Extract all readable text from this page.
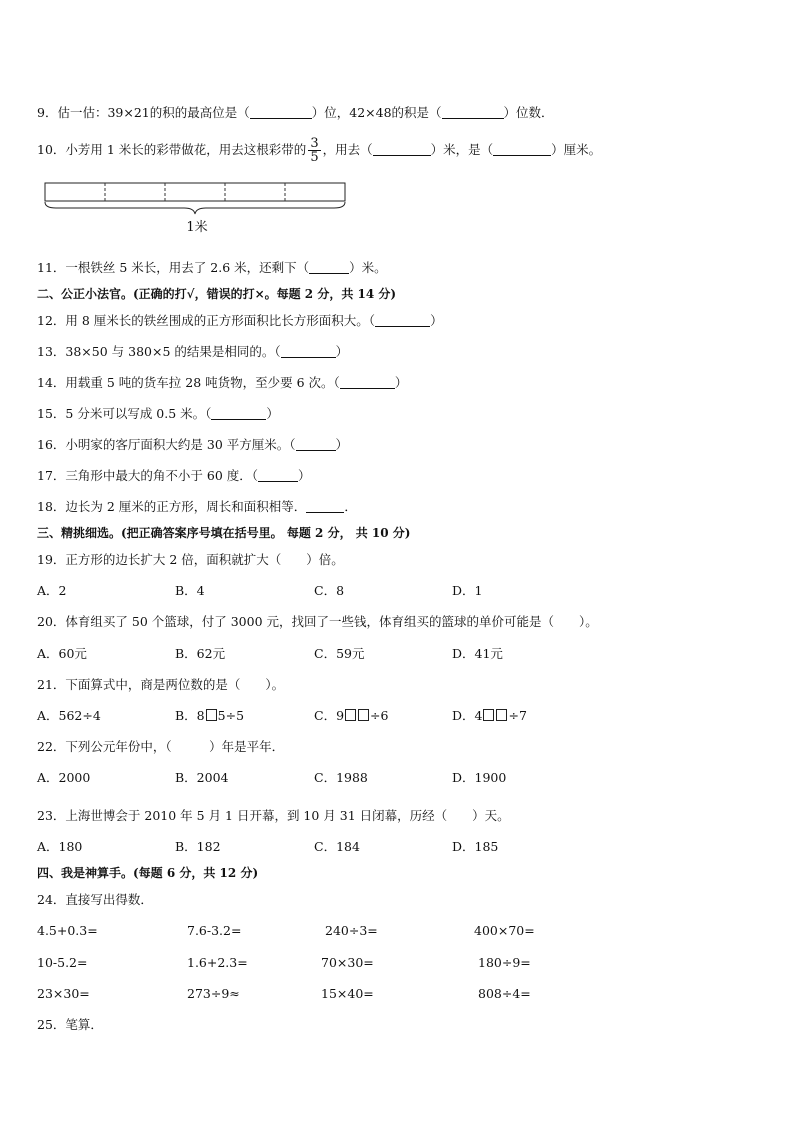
9．估一估：39×21的积的最高位是（	）位，42×48的积是（	）位数．
10．小芳用 1 米长的彩带做花，用去这根彩带的 $\frac{3}{5}$ ，用去（	）米，是（	）厘米。
1米
11．一根铁丝 5 米长，用去了 2.6 米，还剩下（	）米。
二、公正小法官。(正确的打√，错误的打×。每题 2 分，共 14 分)
12．用 8 厘米长的铁丝围成的正方形面积比长方形面积大。（	）
13．38×50 与 380×5 的结果是相同的。（	）
14．用载重 5 吨的货车拉 28 吨货物，至少要 6 次。（	）
15．5 分米可以写成 0.5 米。（	）
16．小明家的客厅面积大约是 30 平方厘米。（	）
17．三角形中最大的角不小于 60 度．（	）
18．边长为 2 厘米的正方形，周长和面积相等．	．
三、精挑细选。(把正确答案序号填在括号里。 每题 2 分， 共 10 分)
19．正方形的边长扩大 2 倍，面积就扩大（　　）倍。
A．2	B．4	C．8	D．1
20．体育组买了 50 个篮球，付了 3000 元，找回了一些钱，体育组买的篮球的单价可能是（　　）。
A．60元	B．62元	C．59元	D．41元
21．下面算式中，商是两位数的是（　　）。
A．562÷4	B．8 5÷5	C．9 ÷6	D．4 ÷7
22．下列公元年份中，（　　　）年是平年．
A．2000	B．2004	C．1988	D．1900
23．上海世博会于 2010 年 5 月 1 日开幕，到 10 月 31 日闭幕，历经（　　）天。
A．180	B．182	C．184	D．185
四、我是神算手。(每题 6 分，共 12 分)
24．直接写出得数．
4.5+0.3=	7.6-3.2=	240÷3=	400×70=
10-5.2=	1.6+2.3=	70×30=	180÷9=
23×30=	273÷9≈	15×40=	808÷4=
25．笔算．
